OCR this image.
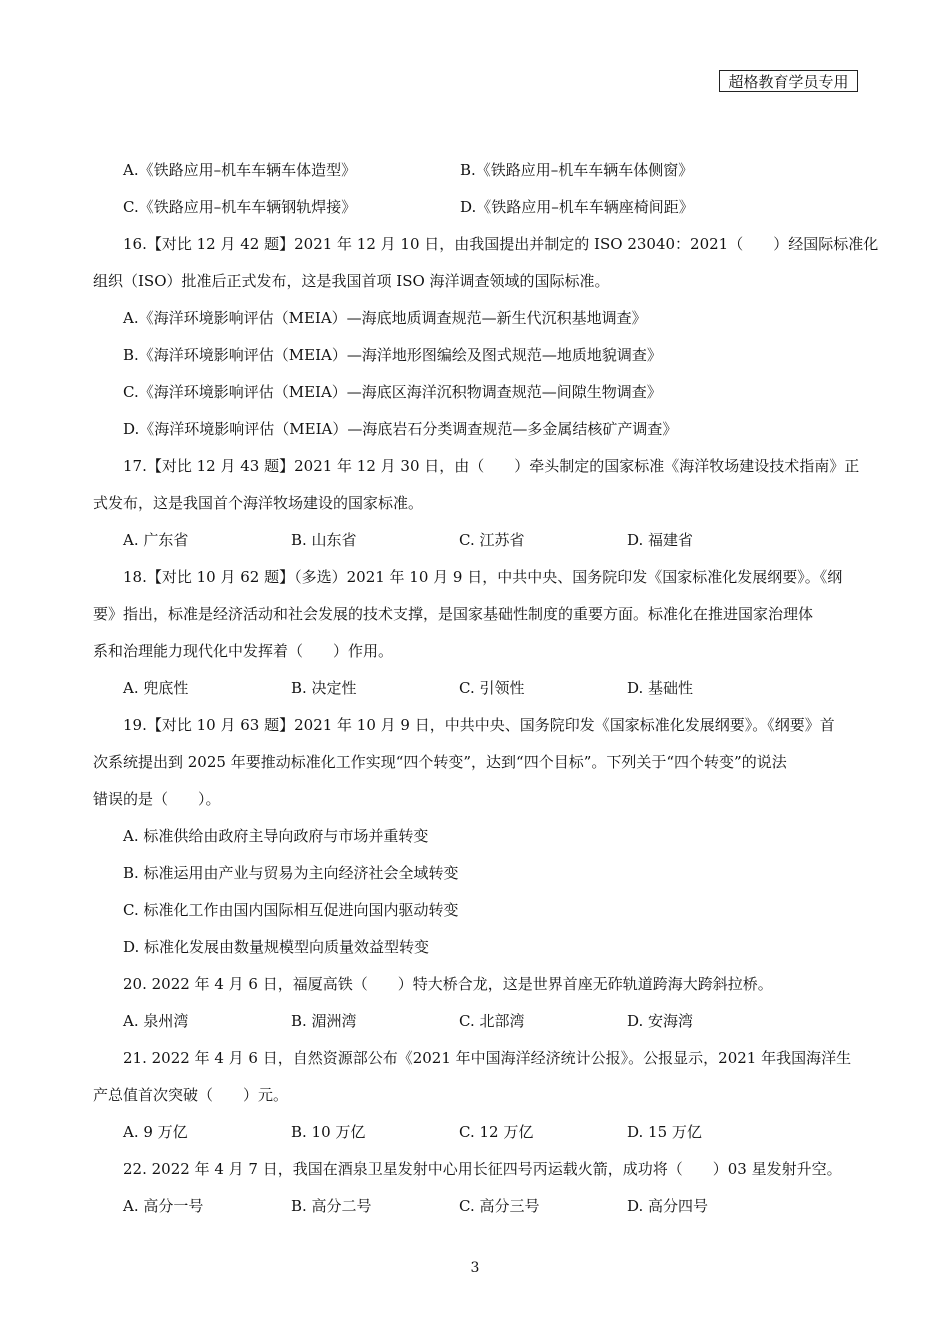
超格教育学员专用
A.《铁路应用–机车车辆车体造型》	B.《铁路应用–机车车辆车体侧窗》
C.《铁路应用–机车车辆钢轨焊接》	D.《铁路应用–机车车辆座椅间距》
16.【对比 12 月 42 题】2021 年 12 月 10 日，由我国提出并制定的 ISO 23040：2021（　　）经国际标准化
组织（ISO）批准后正式发布，这是我国首项 ISO 海洋调查领域的国际标准。
A.《海洋环境影响评估（MEIA）—海底地质调查规范—新生代沉积基地调查》
B.《海洋环境影响评估（MEIA）—海洋地形图编绘及图式规范—地质地貌调查》
C.《海洋环境影响评估（MEIA）—海底区海洋沉积物调查规范—间隙生物调查》
D.《海洋环境影响评估（MEIA）—海底岩石分类调查规范—多金属结核矿产调查》
17.【对比 12 月 43 题】2021 年 12 月 30 日，由（　　）牵头制定的国家标准《海洋牧场建设技术指南》正
式发布，这是我国首个海洋牧场建设的国家标准。
A. 广东省	B. 山东省	C. 江苏省	D. 福建省
18.【对比 10 月 62 题】（多选）2021 年 10 月 9 日，中共中央、国务院印发《国家标准化发展纲要》。《纲
要》指出，标准是经济活动和社会发展的技术支撑，是国家基础性制度的重要方面。标准化在推进国家治理体
系和治理能力现代化中发挥着（　　）作用。
A. 兜底性	B. 决定性	C. 引领性	D. 基础性
19.【对比 10 月 63 题】2021 年 10 月 9 日，中共中央、国务院印发《国家标准化发展纲要》。《纲要》首
次系统提出到 2025 年要推动标准化工作实现“四个转变”，达到“四个目标”。下列关于“四个转变”的说法
错误的是（　　）。
A. 标准供给由政府主导向政府与市场并重转变
B. 标准运用由产业与贸易为主向经济社会全域转变
C. 标准化工作由国内国际相互促进向国内驱动转变
D. 标准化发展由数量规模型向质量效益型转变
20. 2022 年 4 月 6 日，福厦高铁（　　）特大桥合龙，这是世界首座无砟轨道跨海大跨斜拉桥。
A. 泉州湾	B. 湄洲湾	C. 北部湾	D. 安海湾
21. 2022 年 4 月 6 日，自然资源部公布《2021 年中国海洋经济统计公报》。公报显示，2021 年我国海洋生
产总值首次突破（　　）元。
A. 9 万亿	B. 10 万亿	C. 12 万亿	D. 15 万亿
22. 2022 年 4 月 7 日，我国在酒泉卫星发射中心用长征四号丙运载火箭，成功将（　　）03 星发射升空。
A. 高分一号	B. 高分二号	C. 高分三号	D. 高分四号
3
